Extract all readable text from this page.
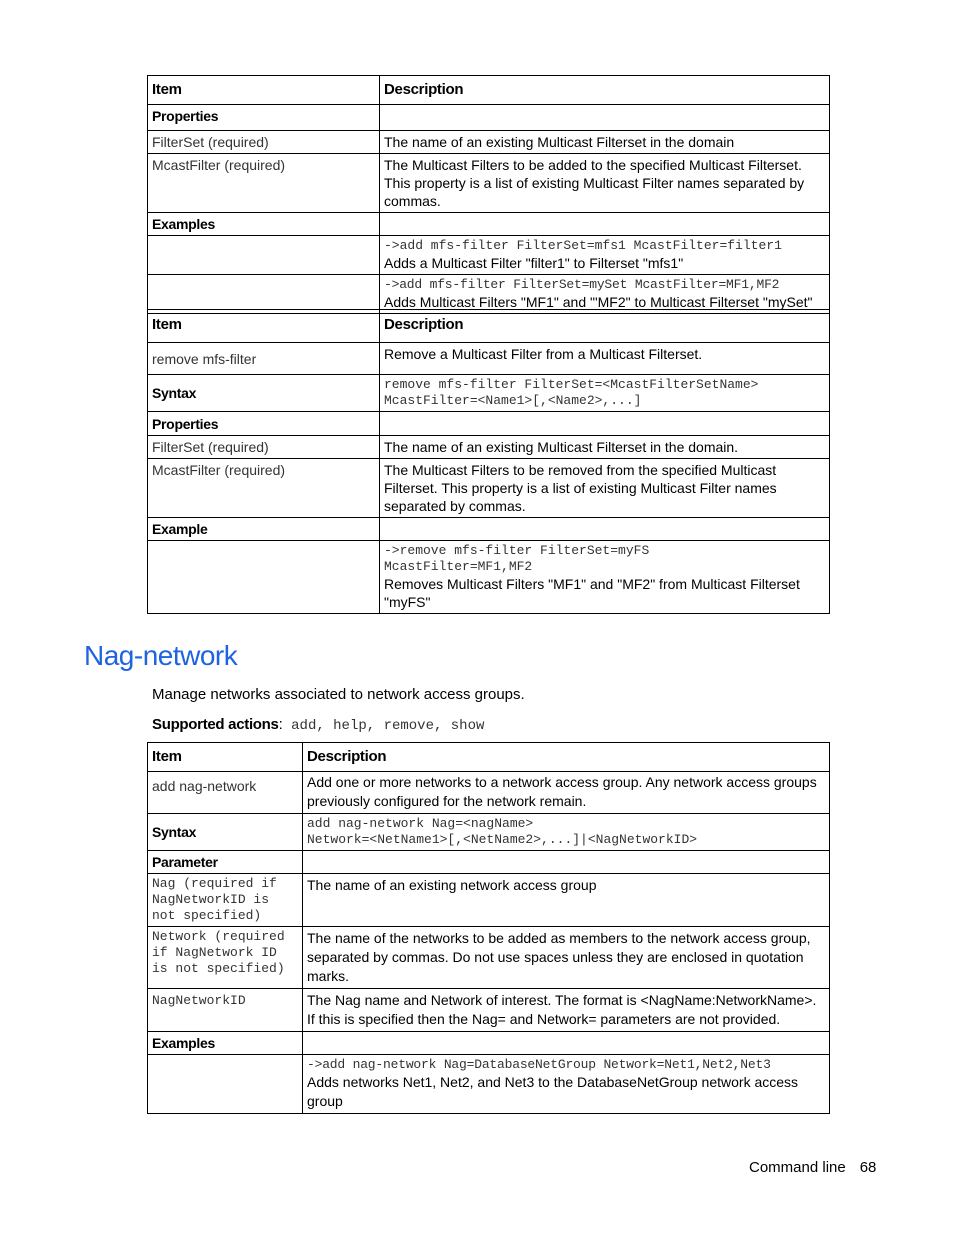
Item	Description
Properties	
FilterSet (required)	The name of an existing Multicast Filterset in the domain
McastFilter (required)	The Multicast Filters to be added to the specified Multicast Filterset. This property is a list of existing Multicast Filter names separated by commas.
Examples	

	->add mfs-filter FilterSet=mfs1 McastFilter=filter1
Adds a Multicast Filter "filter1" to Filterset "mfs1"

	->add mfs-filter FilterSet=mySet McastFilter=MF1,MF2
Adds Multicast Filters "MF1" and "'MF2" to Multicast Filterset "mySet"
Item	Description
remove mfs-filter	Remove a Multicast Filter from a Multicast Filterset.
Syntax	remove mfs-filter FilterSet=<McastFilterSetName>
McastFilter=<Name1>[,<Name2>,...]

Properties	
FilterSet (required)	The name of an existing Multicast Filterset in the domain.
McastFilter (required)	The Multicast Filters to be removed from the specified Multicast Filterset. This property is a list of existing Multicast Filter names separated by commas.
Example	

	->remove mfs-filter FilterSet=myFS
McastFilter=MF1,MF2
Removes Multicast Filters "MF1" and "MF2" from Multicast Filterset "myFS"
Nag-network
Manage networks associated to network access groups.
Supported actions: add, help, remove, show
Item	Description
add nag-network	Add one or more networks to a network access group. Any network access groups previously configured for the network remain.
Syntax	add nag-network Nag=<nagName>
Network=<NetName1>[,<NetName2>,...]|<NagNetworkID>

Parameter	

Nag (required if
NagNetworkID is
not specified)	The name of an existing network access group

Network (required
if NagNetwork ID
is not specified)	The name of the networks to be added as members to the network access group, separated by commas. Do not use spaces unless they are enclosed in quotation marks.

NagNetworkID	The Nag name and Network of interest. The format is <NagName:NetworkName>. If this is specified then the Nag= and Network= parameters are not provided.
Examples	

	->add nag-network Nag=DatabaseNetGroup Network=Net1,Net2,Net3
Adds networks Net1, Net2, and Net3 to the DatabaseNetGroup network access group
Command line 68
